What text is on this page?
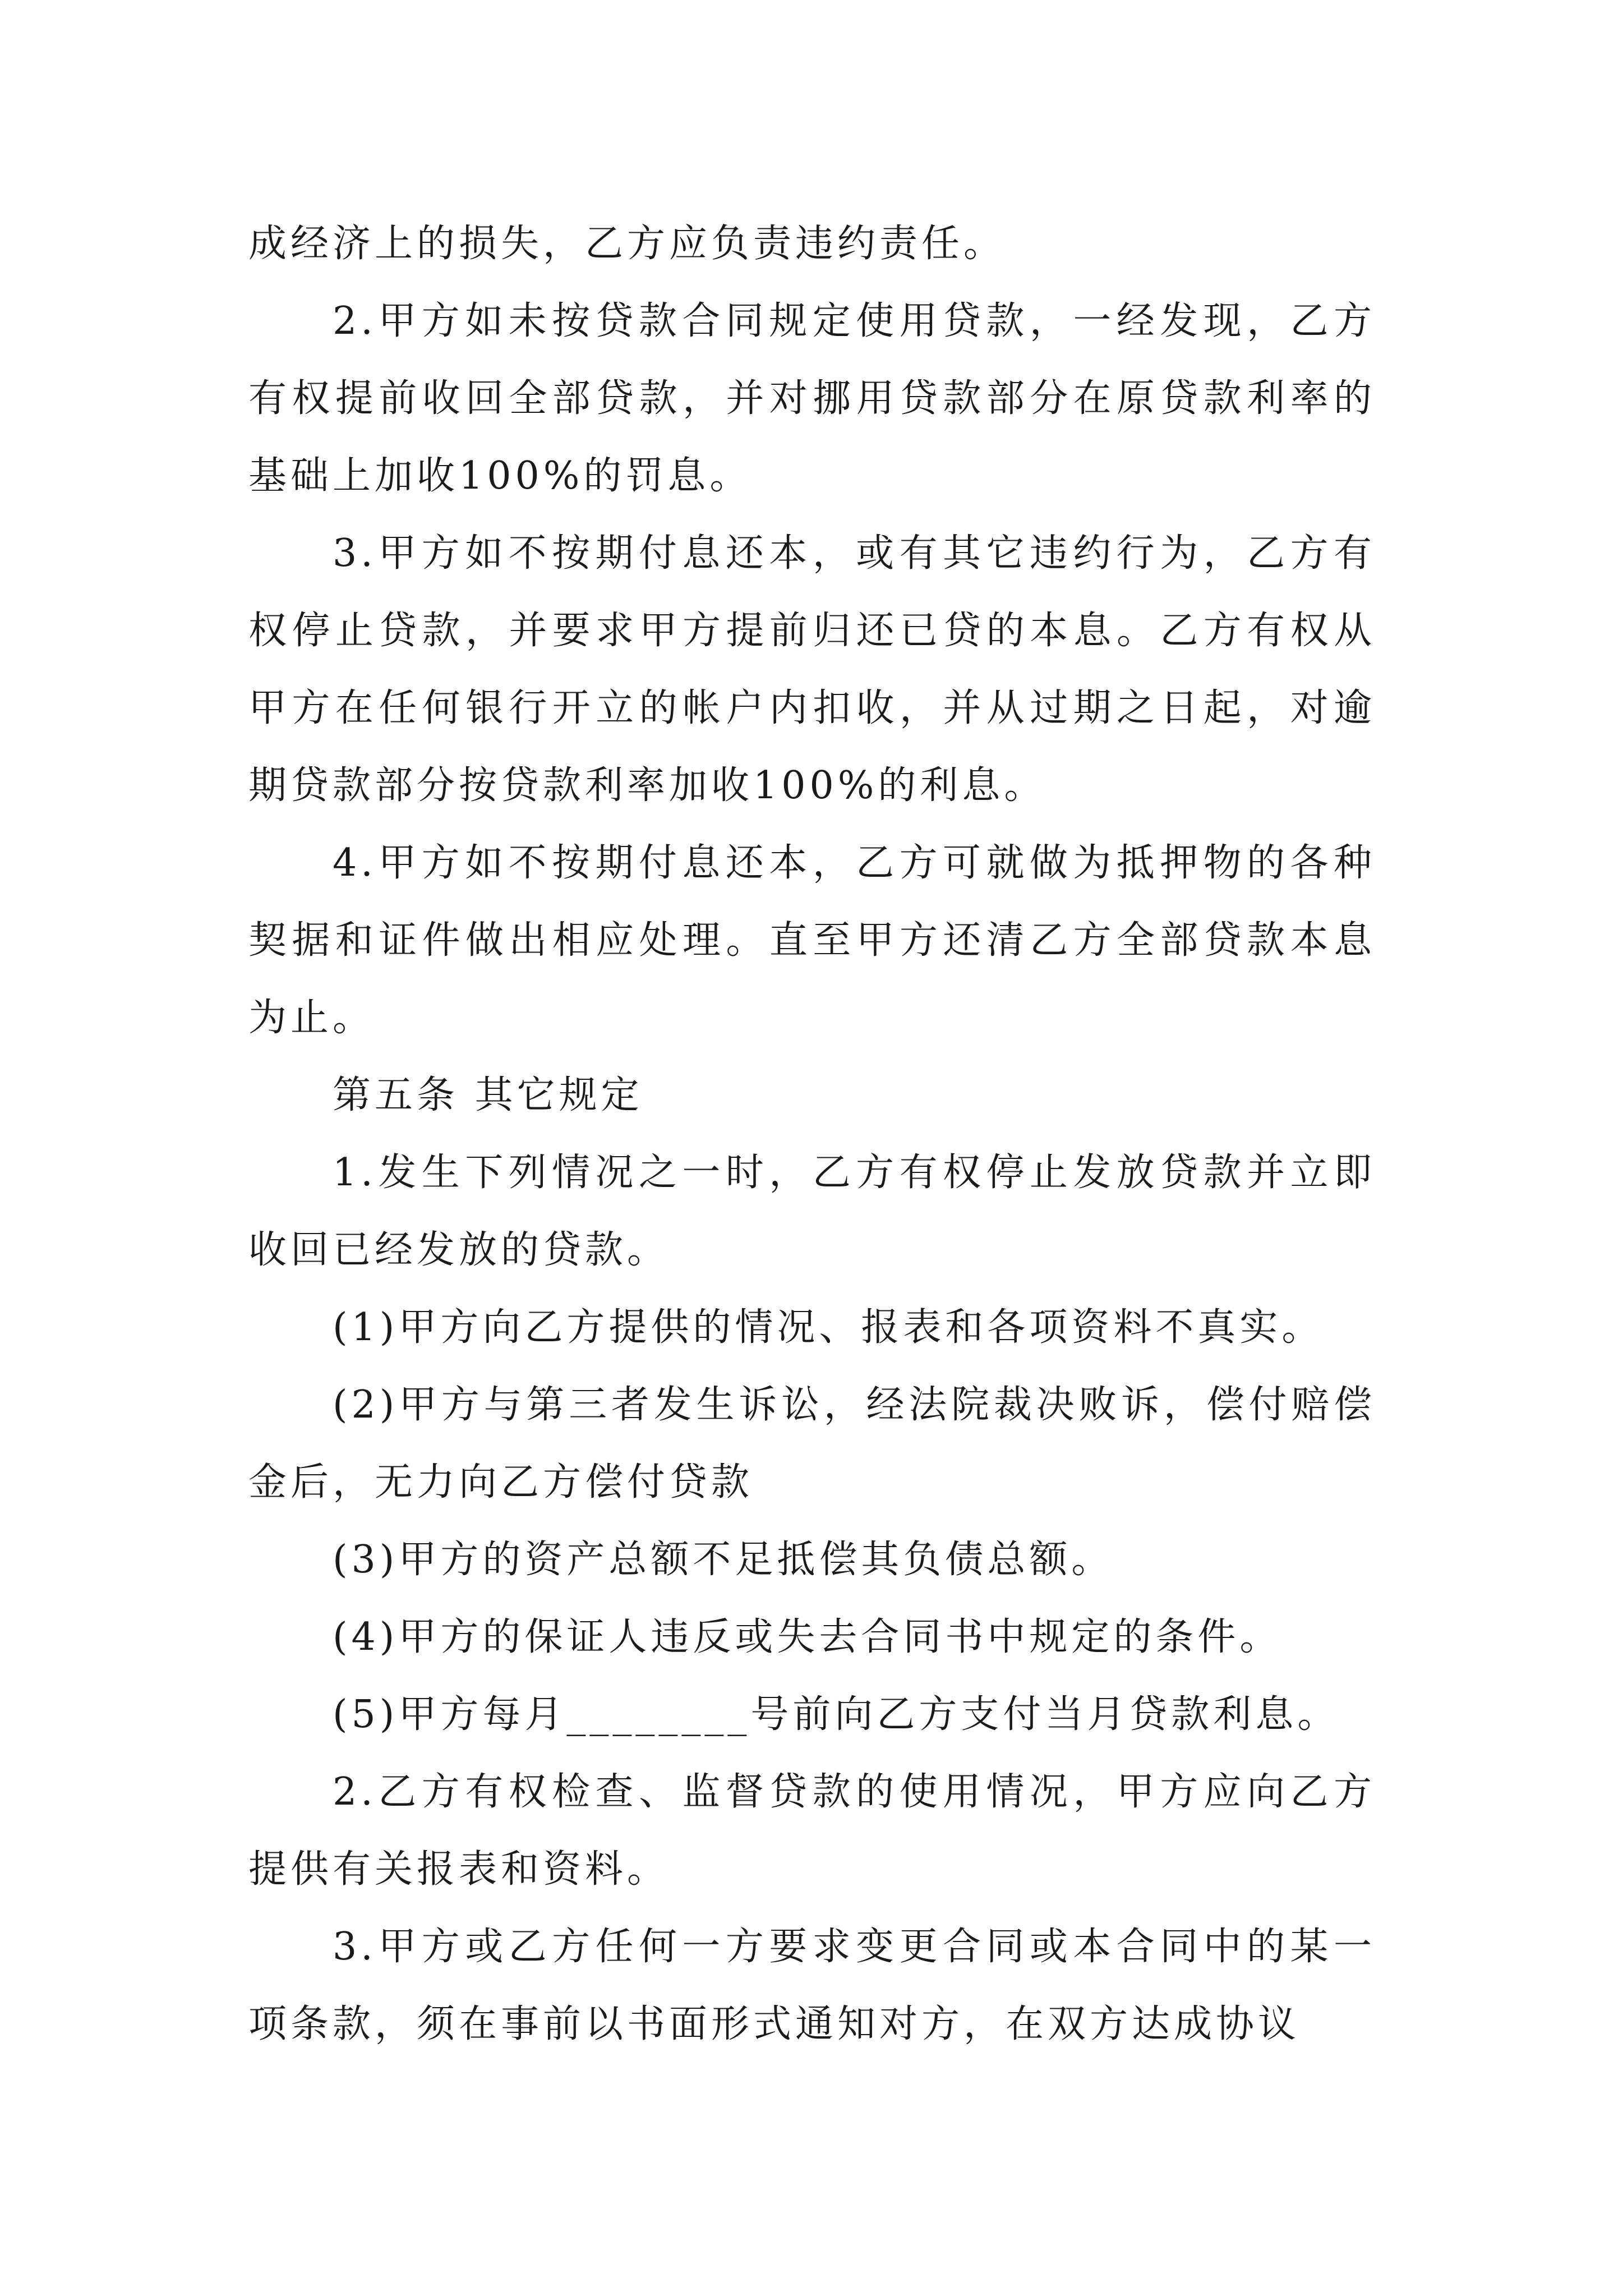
成经济上的损失，乙方应负责违约责任。

2.甲方如未按贷款合同规定使用贷款，一经发现，乙方有权提前收回全部贷款，并对挪用贷款部分在原贷款利率的基础上加收100%的罚息。

3.甲方如不按期付息还本，或有其它违约行为，乙方有权停止贷款，并要求甲方提前归还已贷的本息。乙方有权从甲方在任何银行开立的帐户内扣收，并从过期之日起，对逾期贷款部分按贷款利率加收100%的利息。

4.甲方如不按期付息还本，乙方可就做为抵押物的各种契据和证件做出相应处理。直至甲方还清乙方全部贷款本息为止。

第五条 其它规定

1.发生下列情况之一时，乙方有权停止发放贷款并立即收回已经发放的贷款。

(1)甲方向乙方提供的情况、报表和各项资料不真实。

(2)甲方与第三者发生诉讼，经法院裁决败诉，偿付赔偿金后，无力向乙方偿付贷款

(3)甲方的资产总额不足抵偿其负债总额。

(4)甲方的保证人违反或失去合同书中规定的条件。

(5)甲方每月________号前向乙方支付当月贷款利息。

2.乙方有权检查、监督贷款的使用情况，甲方应向乙方提供有关报表和资料。

3.甲方或乙方任何一方要求变更合同或本合同中的某一项条款，须在事前以书面形式通知对方，在双方达成协议
